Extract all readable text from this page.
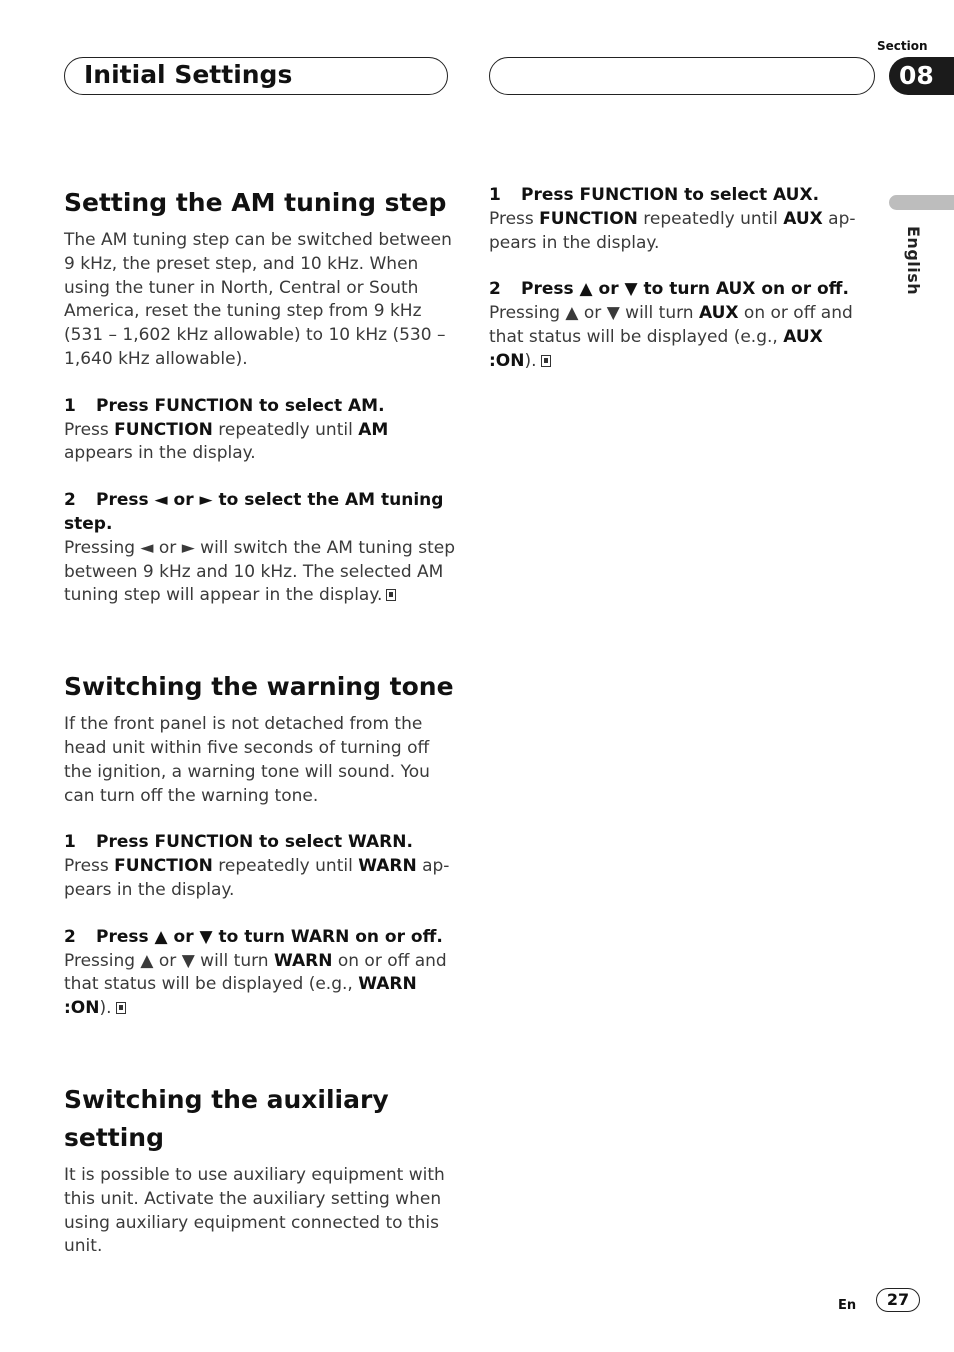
Initial Settings
Section
08
English
Setting the AM tuning step

The AM tuning step can be switched between 9 kHz, the preset step, and 10 kHz. When using the tuner in North, Central or South America, reset the tuning step from 9 kHz (531 – 1,602 kHz allowable) to 10 kHz (530 – 1,640 kHz allowable).

1 Press FUNCTION to select AM.

Press FUNCTION repeatedly until AM appears in the display.

2 Press ◄ or ► to select the AM tuning step.

Pressing ◄ or ► will switch the AM tuning step between 9 kHz and 10 kHz. The selected AM tuning step will appear in the display.

Switching the warning tone

If the front panel is not detached from the head unit within five seconds of turning off the ignition, a warning tone will sound. You can turn off the warning tone.

1 Press FUNCTION to select WARN.

Press FUNCTION repeatedly until WARN ap-pears in the display.

2 Press ▲ or ▼ to turn WARN on or off.

Pressing ▲ or ▼ will turn WARN on or off and that status will be displayed (e.g., WARN :ON).

Switching the auxiliary setting

It is possible to use auxiliary equipment with this unit. Activate the auxiliary setting when using auxiliary equipment connected to this unit.

1 Press FUNCTION to select AUX.

Press FUNCTION repeatedly until AUX ap-pears in the display.

2 Press ▲ or ▼ to turn AUX on or off.

Pressing ▲ or ▼ will turn AUX on or off and that status will be displayed (e.g., AUX :ON).

En	27
